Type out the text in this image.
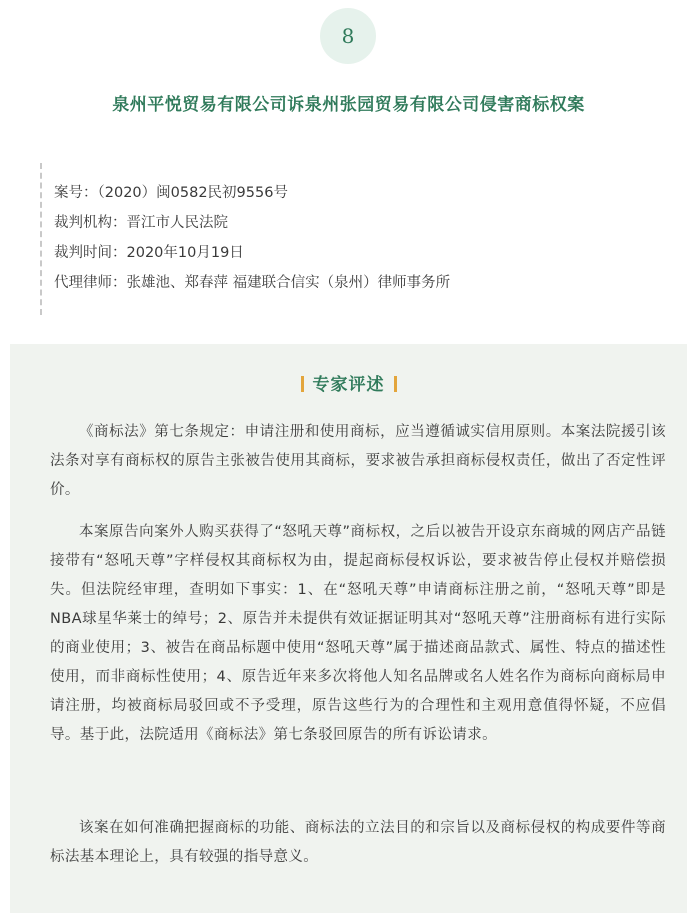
8
泉州平悦贸易有限公司诉泉州张园贸易有限公司侵害商标权案
案号：（2020）闽0582民初9556号
裁判机构：晋江市人民法院
裁判时间：2020年10月19日
代理律师：张雄池、郑春萍 福建联合信实（泉州）律师事务所
专家评述

《商标法》第七条规定：申请注册和使用商标，应当遵循诚实信用原则。本案法院援引该法条对享有商标权的原告主张被告使用其商标，要求被告承担商标侵权责任，做出了否定性评价。

本案原告向案外人购买获得了“怒吼天尊”商标权，之后以被告开设京东商城的网店产品链接带有“怒吼天尊”字样侵权其商标权为由，提起商标侵权诉讼，要求被告停止侵权并赔偿损失。但法院经审理，查明如下事实：1、在“怒吼天尊”申请商标注册之前，“怒吼天尊”即是NBA球星华莱士的绰号；2、原告并未提供有效证据证明其对“怒吼天尊”注册商标有进行实际的商业使用；3、被告在商品标题中使用“怒吼天尊”属于描述商品款式、属性、特点的描述性使用，而非商标性使用；4、原告近年来多次将他人知名品牌或名人姓名作为商标向商标局申请注册，均被商标局驳回或不予受理，原告这些行为的合理性和主观用意值得怀疑，不应倡导。基于此，法院适用《商标法》第七条驳回原告的所有诉讼请求。

该案在如何准确把握商标的功能、商标法的立法目的和宗旨以及商标侵权的构成要件等商标法基本理论上，具有较强的指导意义。
